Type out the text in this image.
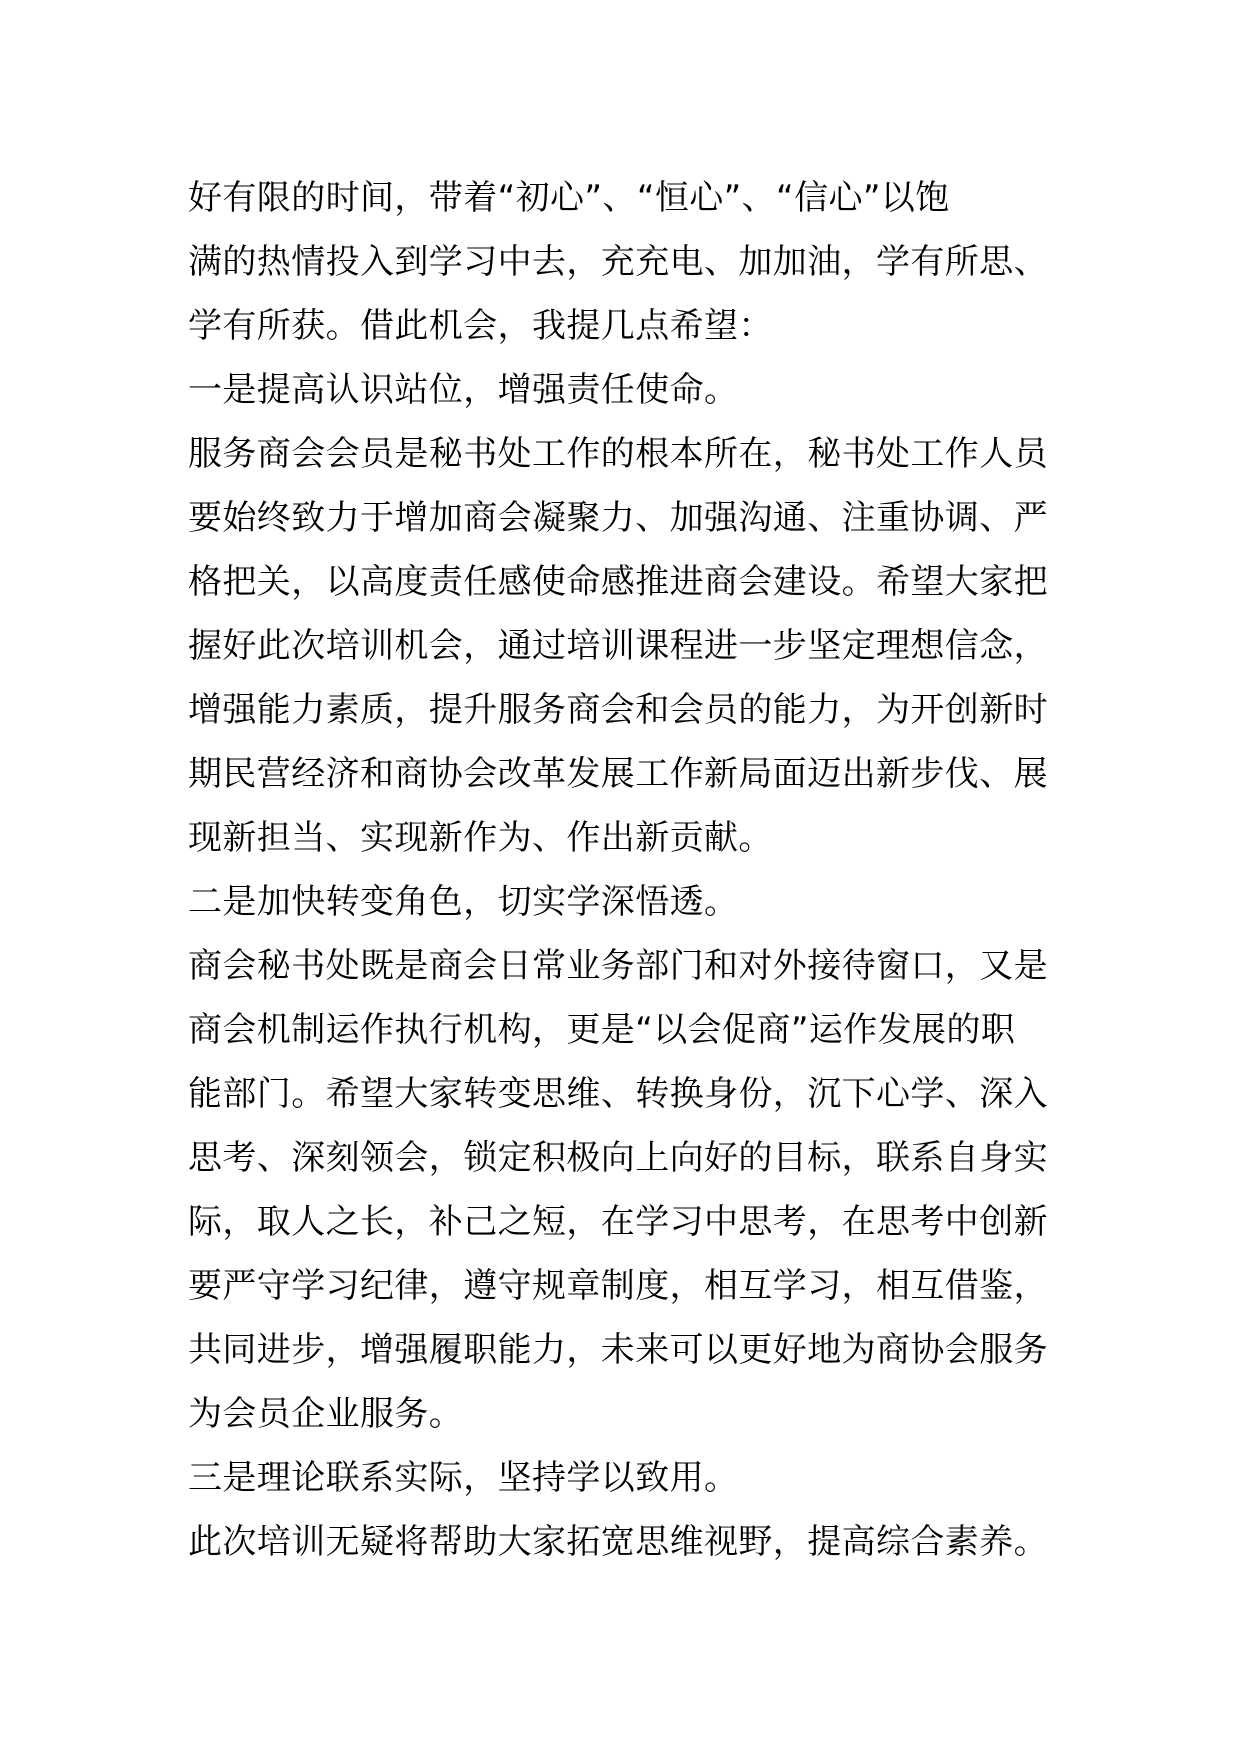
好有限的时间，带着“初心”、“恒心”、“信心”以饱
满的热情投入到学习中去，充充电、加加油，学有所思、
学有所获。借此机会，我提几点希望：
一是提高认识站位，增强责任使命。
服务商会会员是秘书处工作的根本所在，秘书处工作人员
要始终致力于增加商会凝聚力、加强沟通、注重协调、严
格把关，以高度责任感使命感推进商会建设。希望大家把
握好此次培训机会，通过培训课程进一步坚定理想信念，
增强能力素质，提升服务商会和会员的能力，为开创新时
期民营经济和商协会改革发展工作新局面迈出新步伐、展
现新担当、实现新作为、作出新贡献。
二是加快转变角色，切实学深悟透。
商会秘书处既是商会日常业务部门和对外接待窗口，又是
商会机制运作执行机构，更是“以会促商”运作发展的职
能部门。希望大家转变思维、转换身份，沉下心学、深入
思考、深刻领会，锁定积极向上向好的目标，联系自身实
际，取人之长，补己之短，在学习中思考，在思考中创新
要严守学习纪律，遵守规章制度，相互学习，相互借鉴，
共同进步，增强履职能力，未来可以更好地为商协会服务
为会员企业服务。
三是理论联系实际，坚持学以致用。
此次培训无疑将帮助大家拓宽思维视野，提高综合素养。
